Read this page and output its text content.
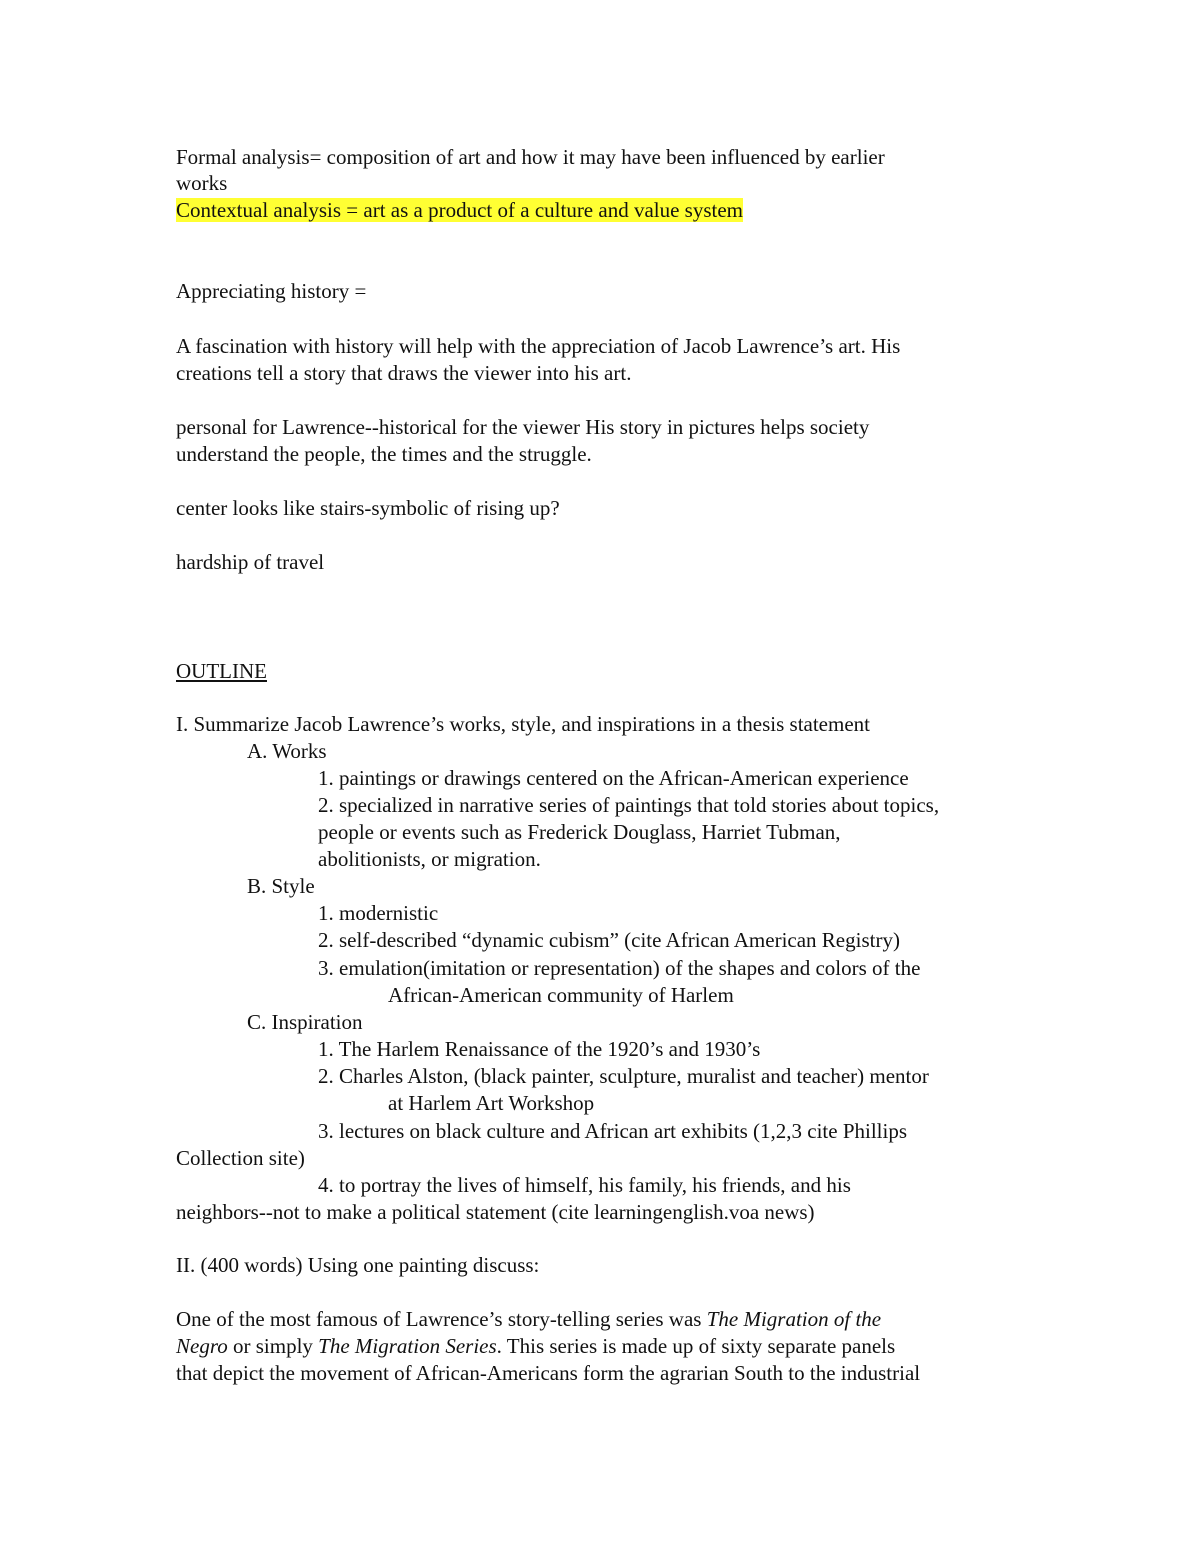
Formal analysis= composition of art and how it may have been influenced by earlier
works
Contextual analysis = art as a product of a culture and value system
Appreciating history =
A fascination with history will help with the appreciation of Jacob Lawrence’s art. His
creations tell a story that draws the viewer into his art.
personal for Lawrence--historical for the viewer His story in pictures helps society
understand the people, the times and the struggle.
center looks like stairs-symbolic of rising up?
hardship of travel
OUTLINE
I. Summarize Jacob Lawrence’s works, style, and inspirations in a thesis statement
A. Works
1. paintings or drawings centered on the African-American experience
2. specialized in narrative series of paintings that told stories about topics,
people or events such as Frederick Douglass, Harriet Tubman,
abolitionists, or migration.
B. Style
1. modernistic
2. self-described “dynamic cubism” (cite African American Registry)
3. emulation(imitation or representation) of the shapes and colors of the
African-American community of Harlem
C. Inspiration
1. The Harlem Renaissance of the 1920’s and 1930’s
2. Charles Alston, (black painter, sculpture, muralist and teacher) mentor
at Harlem Art Workshop
3. lectures on black culture and African art exhibits (1,2,3 cite Phillips
Collection site)
4. to portray the lives of himself, his family, his friends, and his
neighbors--not to make a political statement (cite learningenglish.voa news)
II. (400 words) Using one painting discuss:
One of the most famous of Lawrence’s story-telling series was The Migration of the
Negro or simply The Migration Series. This series is made up of sixty separate panels
that depict the movement of African-Americans form the agrarian South to the industrial
